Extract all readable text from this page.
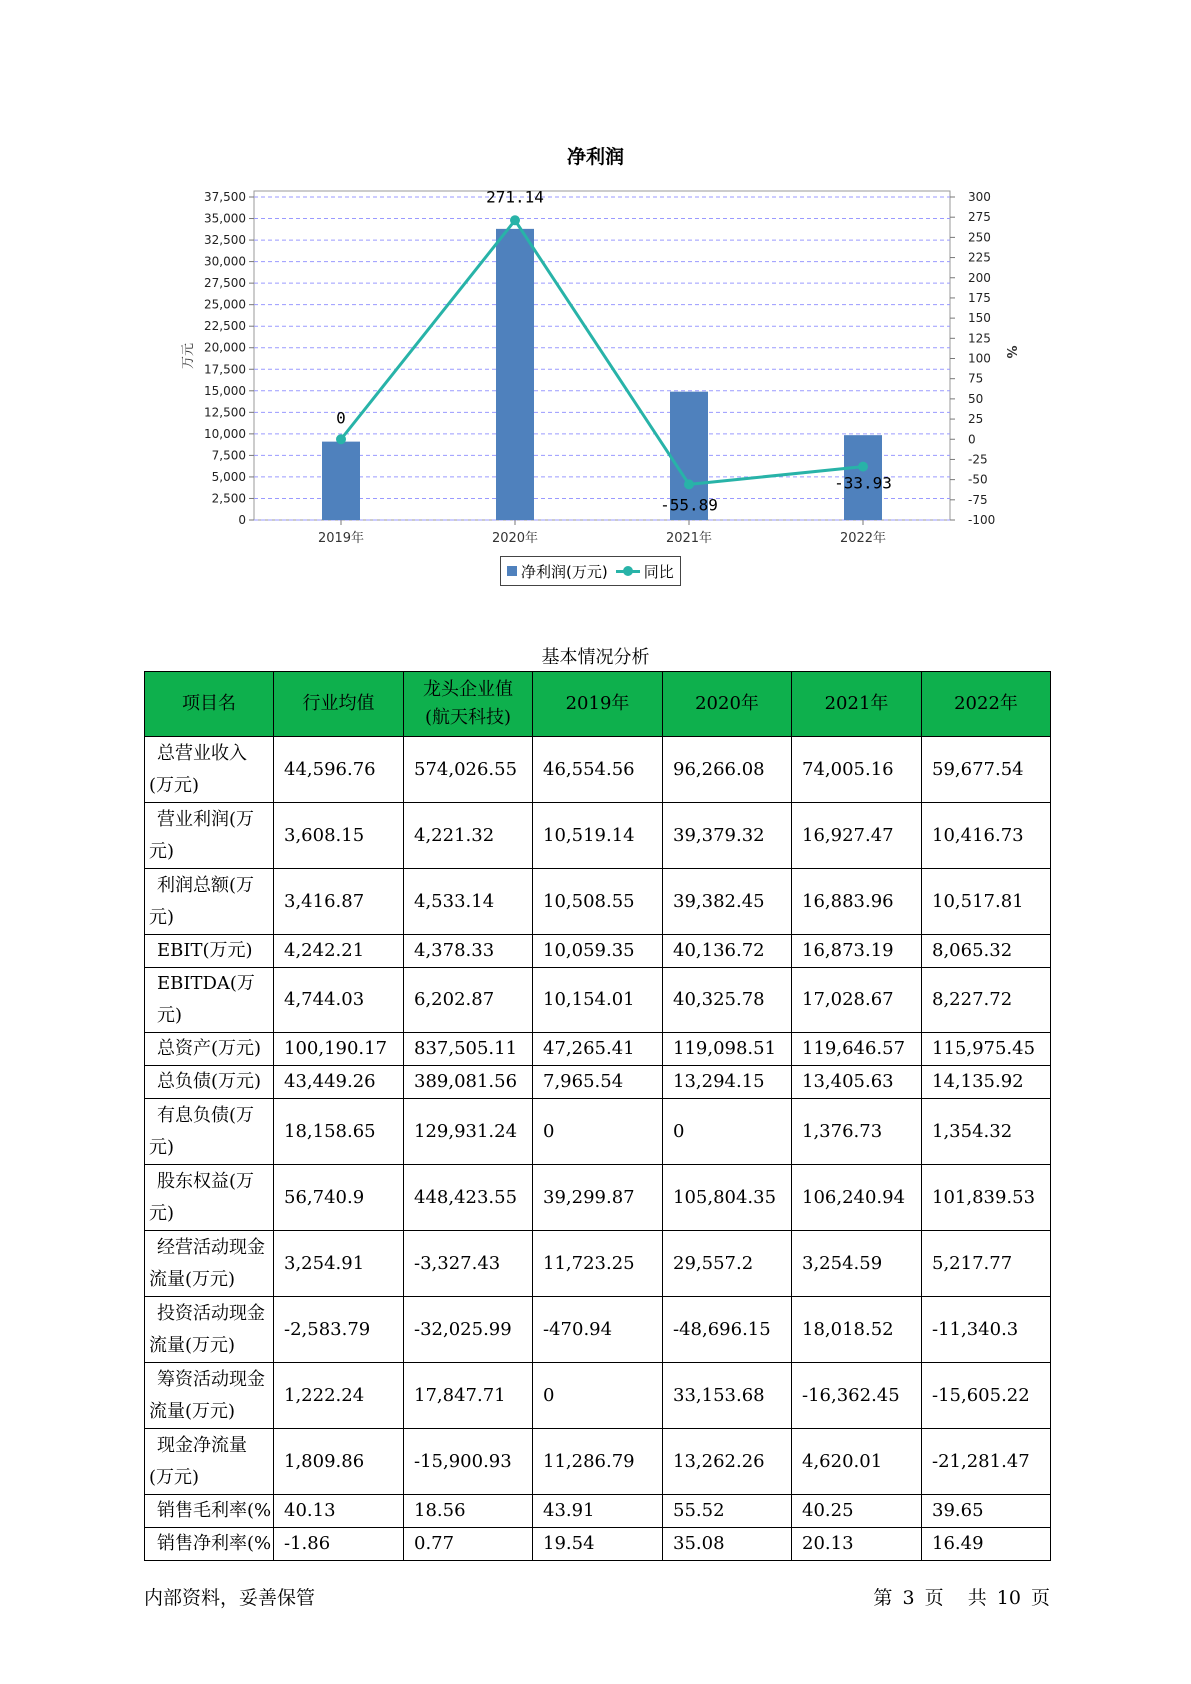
净利润
0
2,500
5,000
7,500
10,000
12,500
15,000
17,500
20,000
22,500
25,000
27,500
30,000
32,500
35,000
37,500
-100
-75
-50
-25
0
25
50
75
100
125
150
175
200
225
250
275
300
万元	%
2019年	2020年	2021年	2022年
0
271.14
-55.89
-33.93
净利润(万元) 同比
基本情况分析
项目名	行业均值	龙头企业值
(航天科技)	2019年	2020年	2021年	2022年

总营业收入
(万元)	44,596.76	574,026.55	46,554.56	96,266.08	74,005.16	59,677.54

营业利润(万
元)	3,608.15	4,221.32	10,519.14	39,379.32	16,927.47	10,416.73

利润总额(万
元)	3,416.87	4,533.14	10,508.55	39,382.45	16,883.96	10,517.81

EBIT(万元)	4,242.21	4,378.33	10,059.35	40,136.72	16,873.19	8,065.32

EBITDA(万元)	4,744.03	6,202.87	10,154.01	40,325.78	17,028.67	8,227.72

总资产(万元)	100,190.17	837,505.11	47,265.41	119,098.51	119,646.57	115,975.45

总负债(万元)	43,449.26	389,081.56	7,965.54	13,294.15	13,405.63	14,135.92

有息负债(万
元)	18,158.65	129,931.24	0	0	1,376.73	1,354.32

股东权益(万
元)	56,740.9	448,423.55	39,299.87	105,804.35	106,240.94	101,839.53

经营活动现金
流量(万元)	3,254.91	-3,327.43	11,723.25	29,557.2	3,254.59	5,217.77

投资活动现金
流量(万元)	-2,583.79	-32,025.99	-470.94	-48,696.15	18,018.52	-11,340.3

筹资活动现金
流量(万元)	1,222.24	17,847.71	0	33,153.68	-16,362.45	-15,605.22

现金净流量
(万元)	1,809.86	-15,900.93	11,286.79	13,262.26	4,620.01	-21,281.47

销售毛利率(%	40.13	18.56	43.91	55.52	40.25	39.65

销售净利率(%	-1.86	0.77	19.54	35.08	20.13	16.49
内部资料，妥善保管	第 3 页 共 10 页
